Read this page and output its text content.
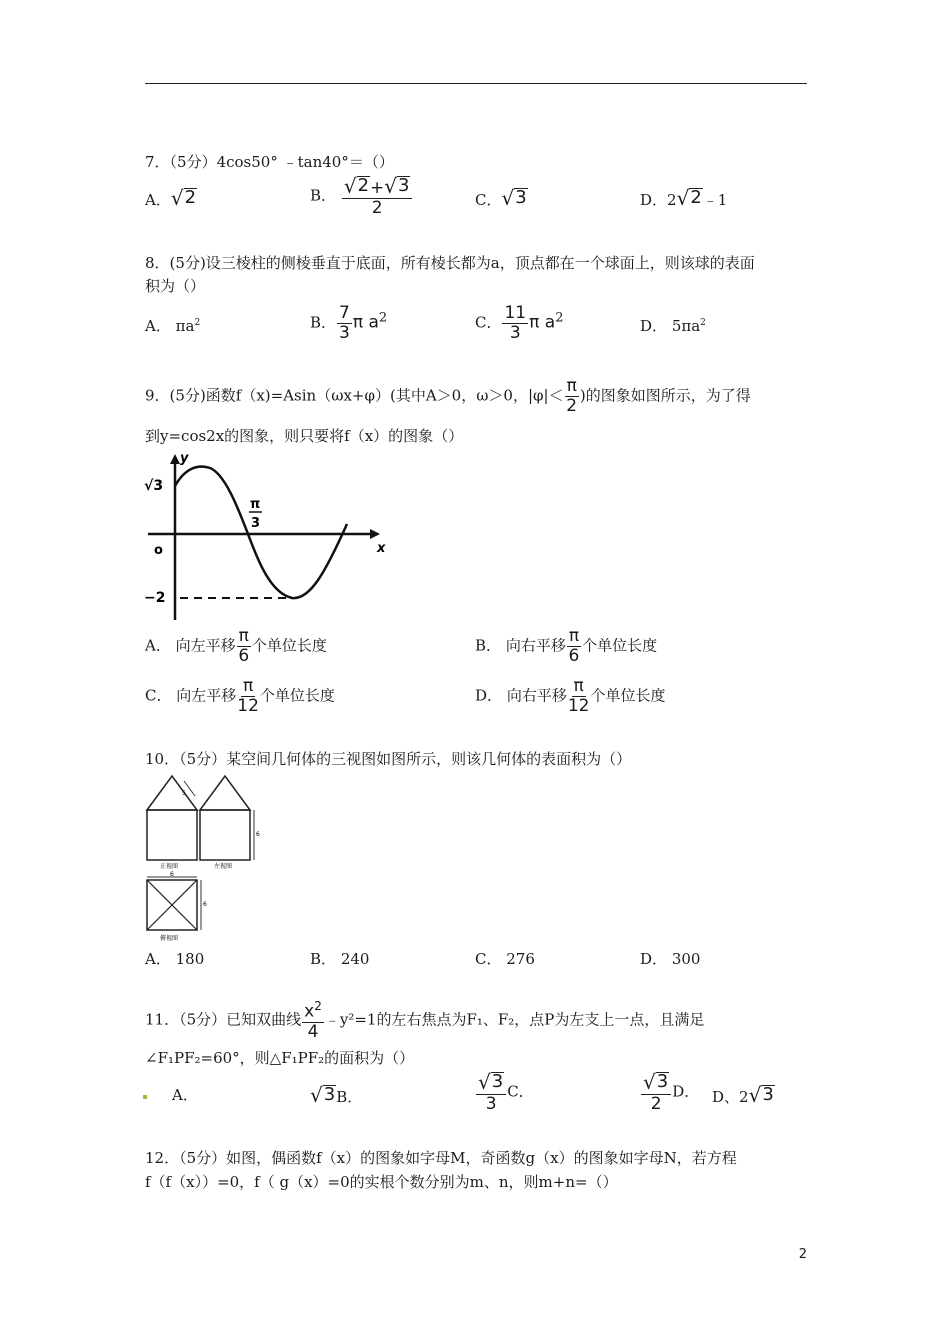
7．（5分）4cos50° ﹣tan40°＝（）
A． √ 2	B． $\frac{√ 2 + √ 3}{2}$	C． √ 3	D．2 √ 2 ﹣1
8．(5分)设三棱柱的侧棱垂直于底面，所有棱长都为a，顶点都在一个球面上，则该球的表面
积为（）
A． $\pi a^2$	B． $\frac{7}{3}$ π $a^2$	C． $\frac{11}{3}$ π $a^2$	D． $5\pi a^2$
9．(5分)函数f（x)=Asin（ωx+φ）(其中A＞0，ω＞0，$|\varphi|< \frac{\pi}{2}$ )的图象如图所示，为了得
到y=cos2x的图象，则只要将f（x）的图象（）
y
x
o
√3
−2
π
3
A． 向左平移 $\frac{\pi}{6}$ 个单位长度	B． 向右平移 $\frac{\pi}{6}$ 个单位长度
C． 向左平移 $\frac{\pi}{12}$ 个单位长度	D． 向右平移 $\frac{\pi}{12}$ 个单位长度
10．（5分）某空间几何体的三视图如图所示，则该几何体的表面积为（）
5
正视图
6
左视图
6
6
俯视图
A． 180	B． 240	C． 276	D． 300
11．（5分）已知双曲线 $\frac{x^2}{4}$ ﹣y²=1的左右焦点为F₁、F₂，点P为左支上一点，且满足
∠F₁PF₂=60°，则△F₁PF₂的面积为（）
A．	√ 3 B．	$\frac{√ 3}{3}$ C．	$\frac{√ 3}{2}$ D． D、2 √ 3
12．（5分）如图，偶函数f（x）的图象如字母M，奇函数g（x）的图象如字母N，若方程
f（f（x））=0，f（ g（x）=0的实根个数分别为m、n，则m+n=（）
2
